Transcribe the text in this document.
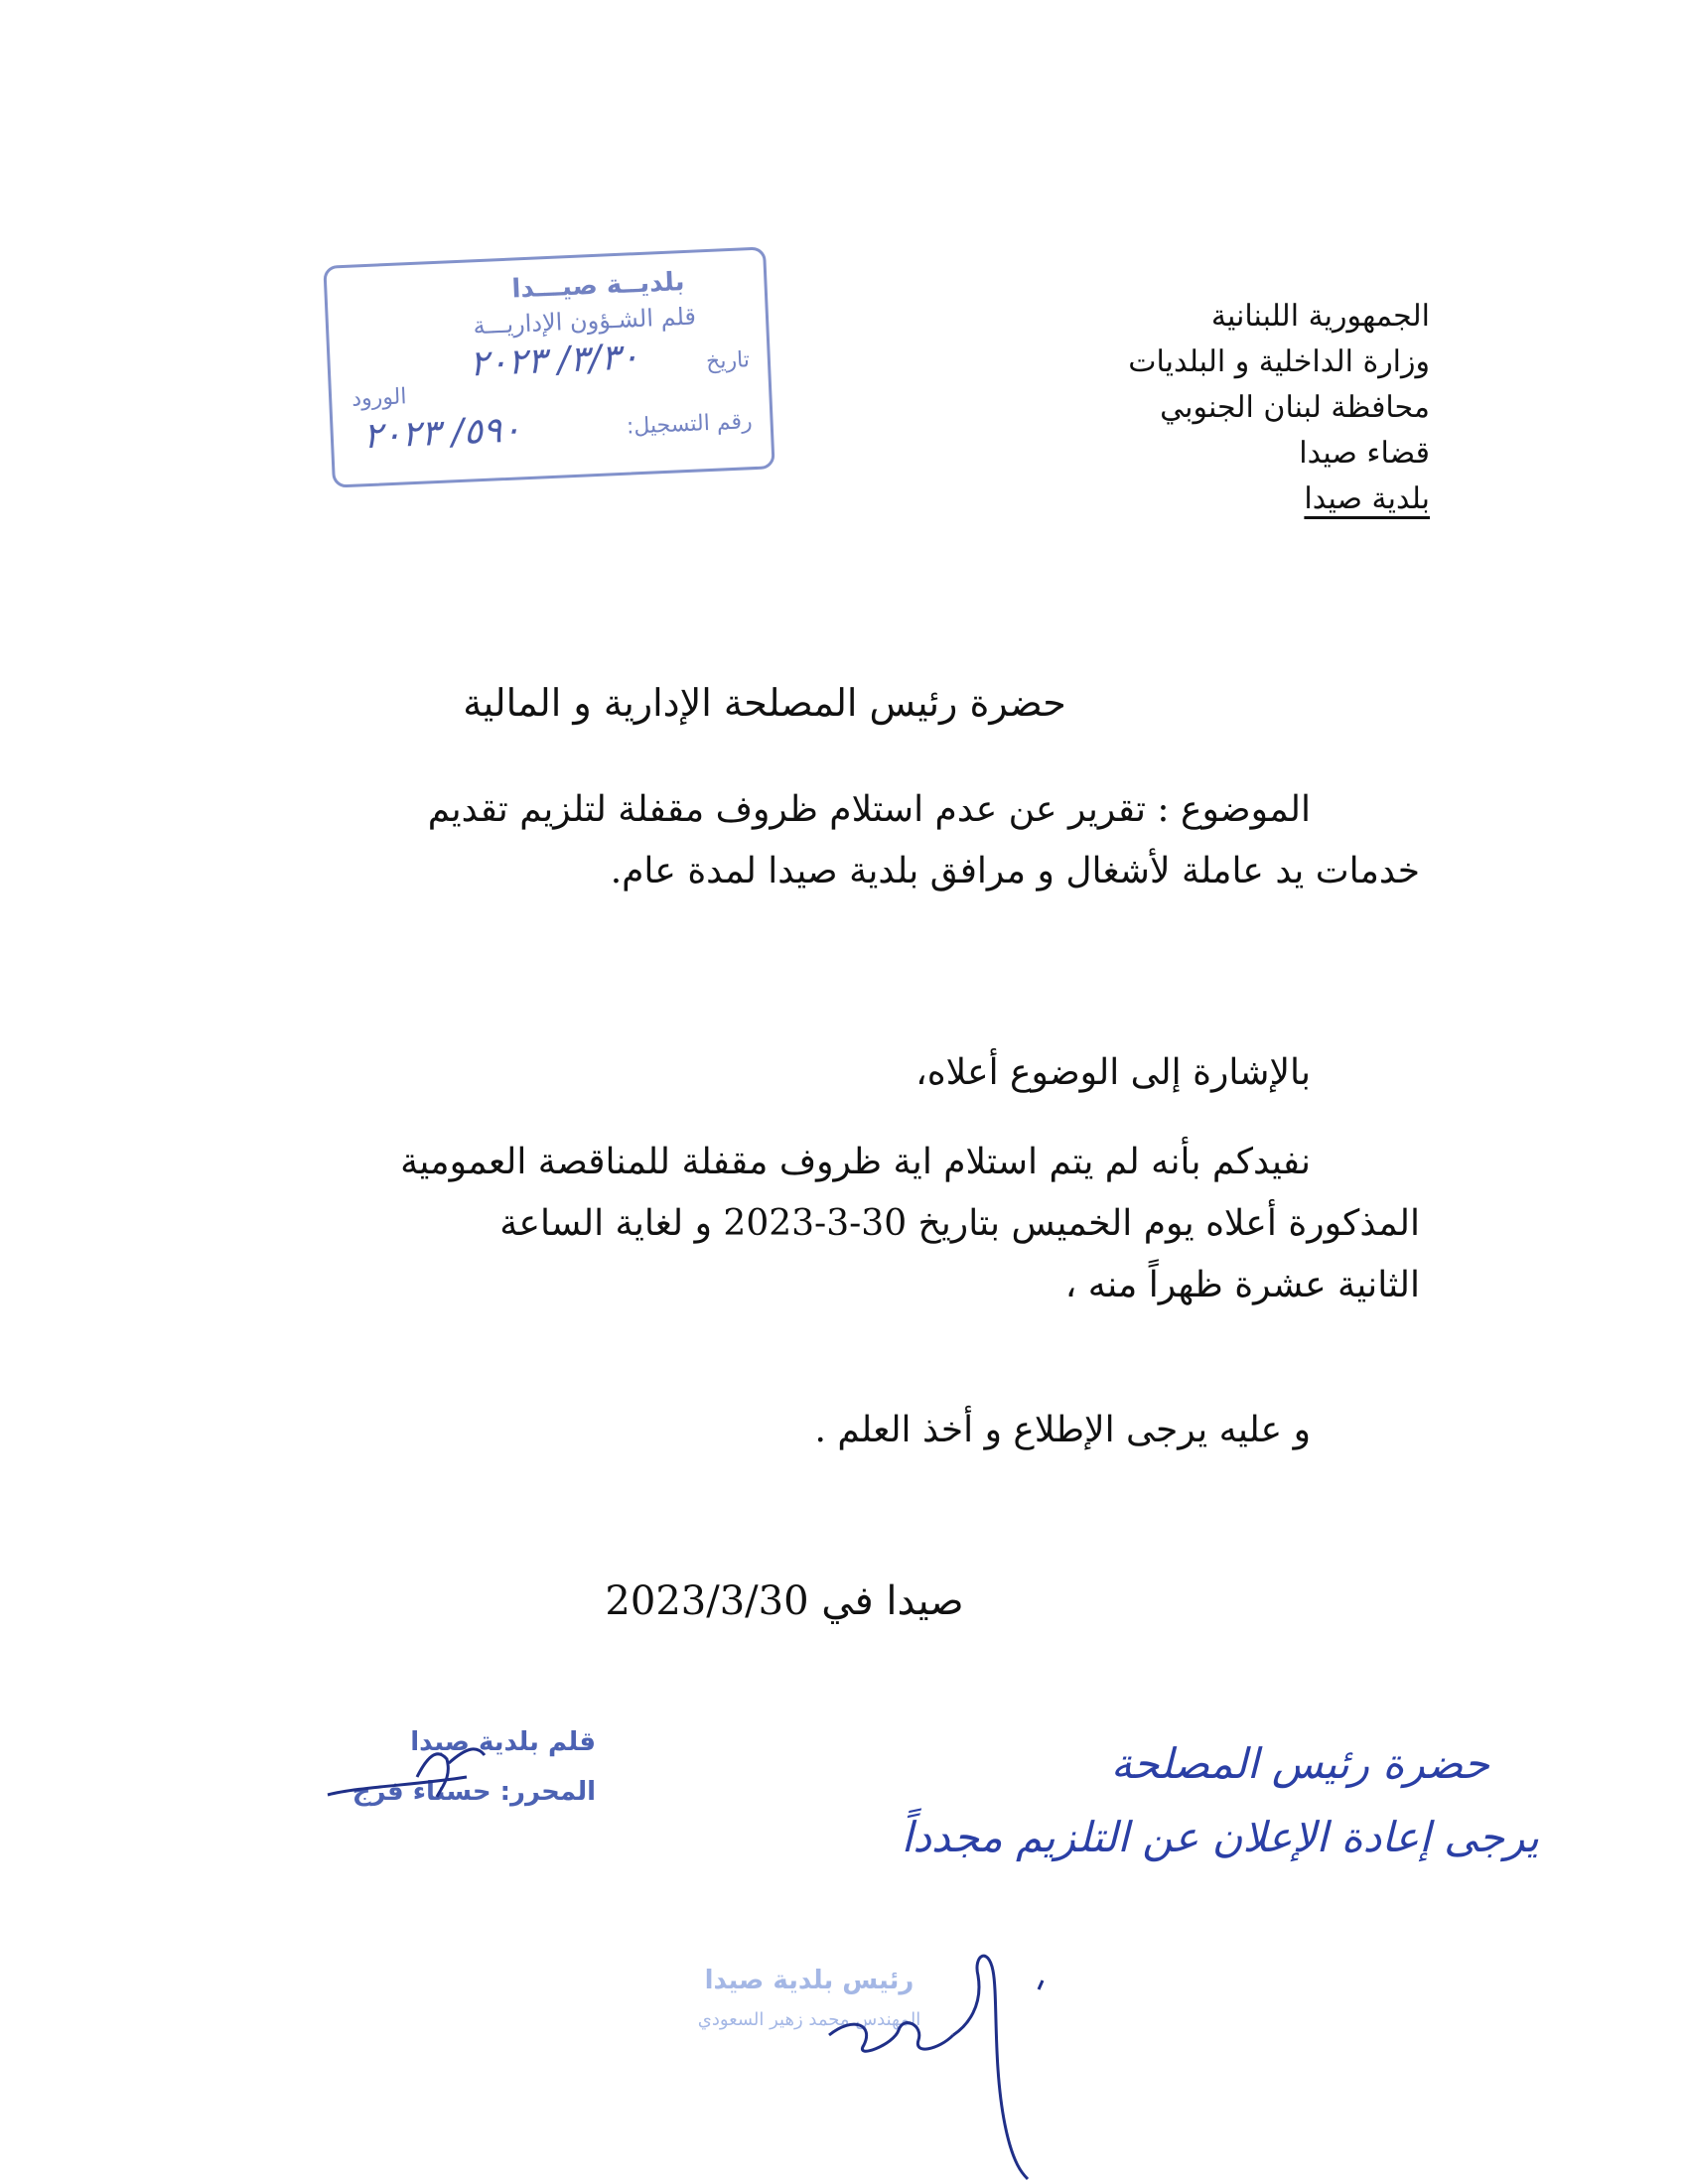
الجمهورية اللبنانية
وزارة الداخلية و البلديات
محافظة لبنان الجنوبي
قضاء صيدا
بلدية صيدا
بلديــة صيـــدا
قلم الشـؤون الإداريـــة
تاريخ
الورود
رقم التسجيل:
٣/٣٠/ ٢٠٢٣
٥٩٠/ ٢٠٢٣
حضرة رئيس المصلحة الإدارية و المالية
الموضوع : تقرير عن عدم استلام ظروف مقفلة لتلزيم تقديم
خدمات يد عاملة لأشغال و مرافق بلدية صيدا لمدة عام.
بالإشارة إلى الوضوع أعلاه،
نفيدكم بأنه لم يتم استلام اية ظروف مقفلة للمناقصة العمومية
المذكورة أعلاه يوم الخميس بتاريخ 30-3-2023 و لغاية الساعة
الثانية عشرة ظهراً منه ،
و عليه يرجى الإطلاع و أخذ العلم .
صيدا في 2023/3/30
قلم بلدية صيدا
المحرر: حسناء فرج
حضرة رئيس المصلحة
يرجى إعادة الإعلان عن التلزيم مجدداً
رئيس بلدية صيدا
المهندس محمد زهير السعودي
